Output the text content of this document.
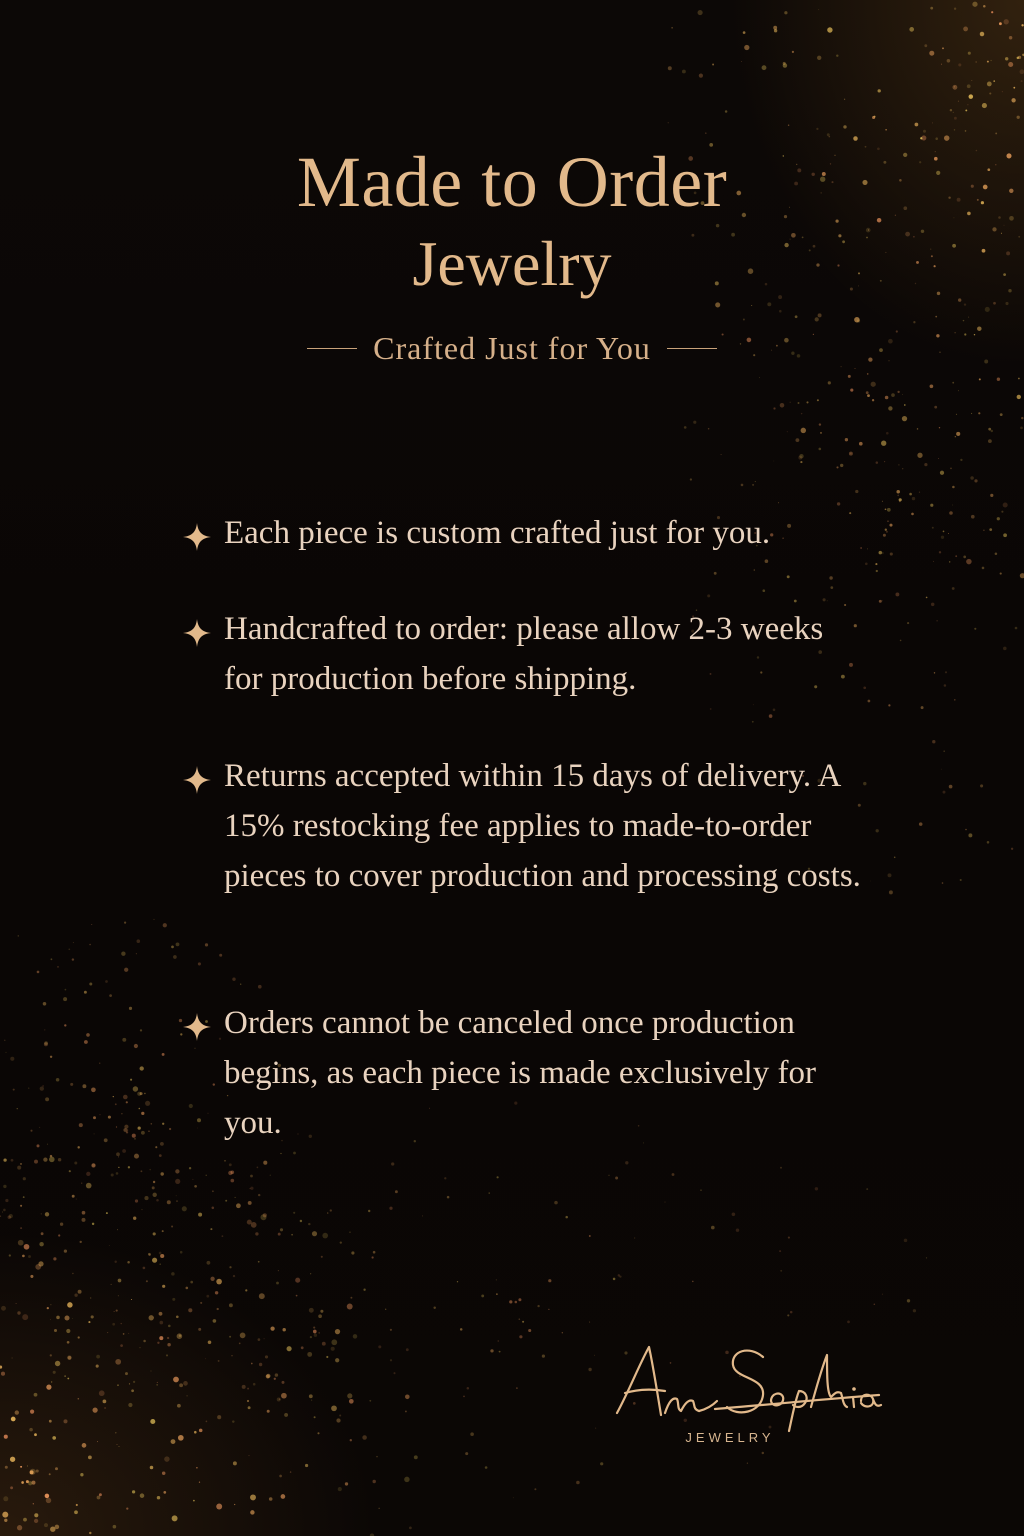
Made to Order
Jewelry
Crafted Just for You
Each piece is custom crafted just for you.
Handcrafted to order: please allow 2-3 weeks for production before shipping.
Returns accepted within 15 days of delivery. A 15% restocking fee applies to made-to-order pieces to cover production and processing costs.
Orders cannot be canceled once production begins, as each piece is made exclusively for you.
JEWELRY
